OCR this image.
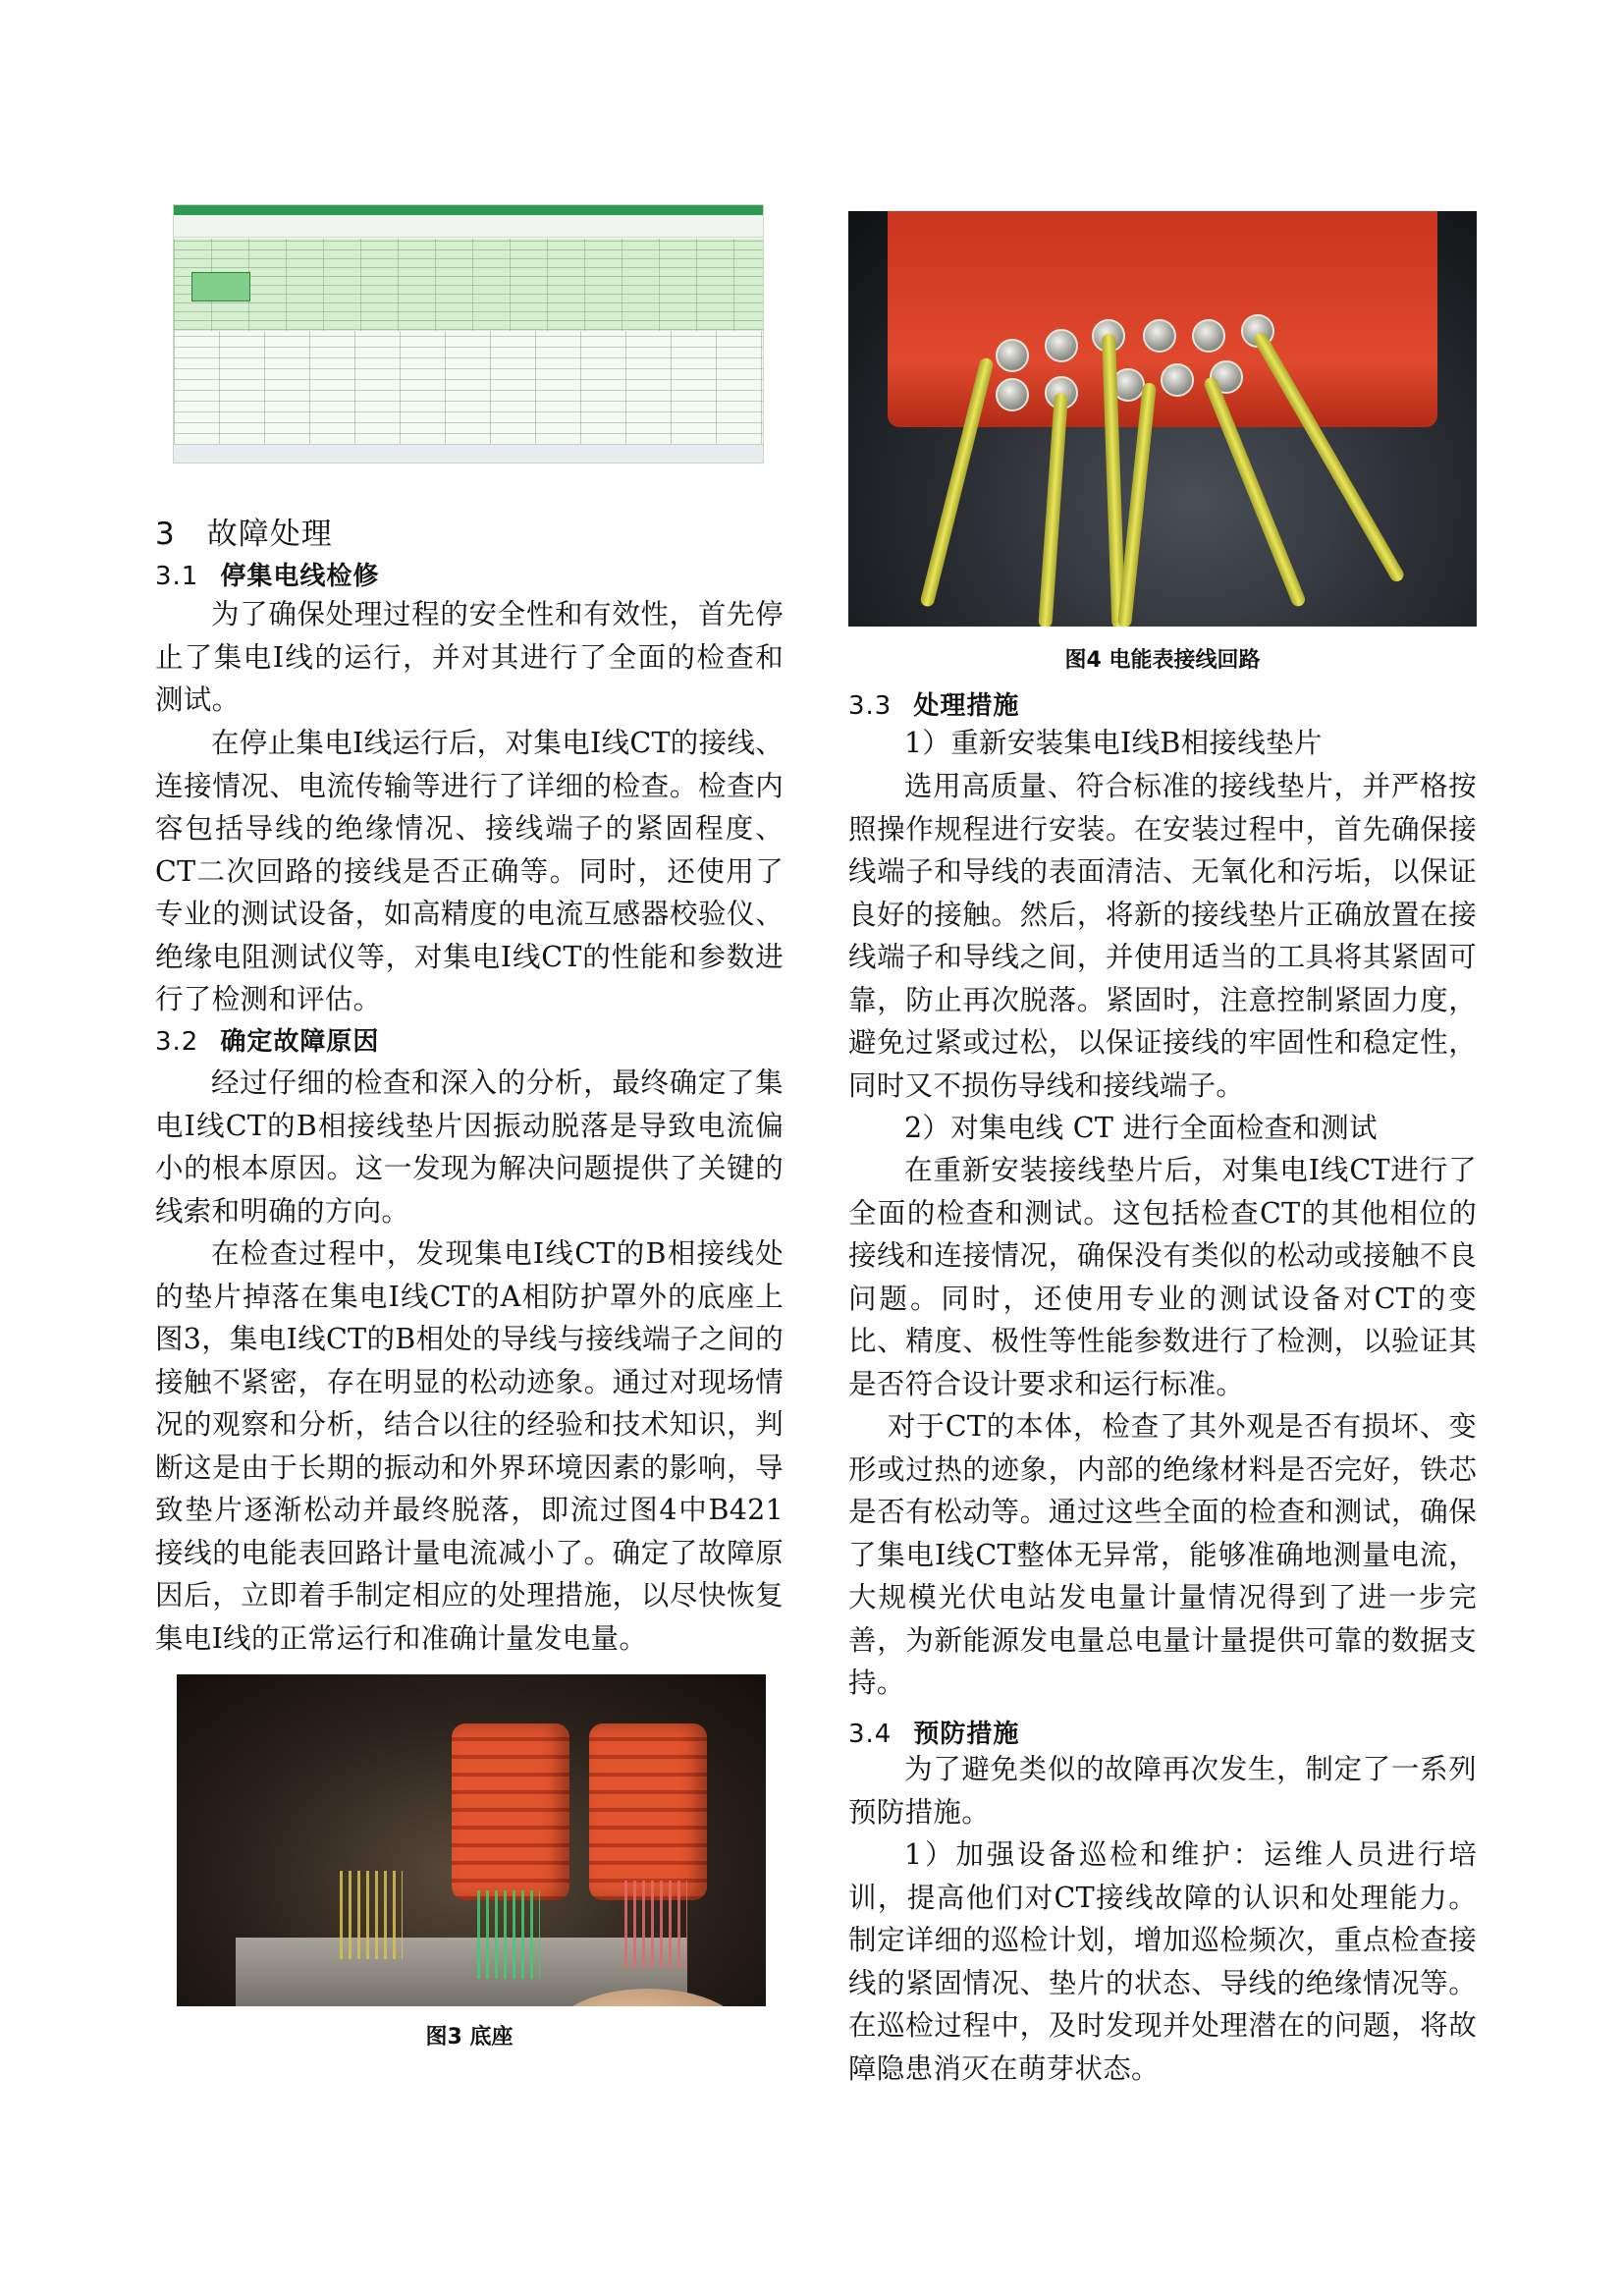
3　故障处理
3.1 停集电线检修
为了确保处理过程的安全性和有效性，首先停止了集电Ⅰ线的运行，并对其进行了全面的检查和测试。
在停止集电Ⅰ线运行后，对集电Ⅰ线CT的接线、连接情况、电流传输等进行了详细的检查。检查内容包括导线的绝缘情况、接线端子的紧固程度、CT二次回路的接线是否正确等。同时，还使用了专业的测试设备，如高精度的电流互感器校验仪、绝缘电阻测试仪等，对集电Ⅰ线CT的性能和参数进行了检测和评估。
3.2 确定故障原因
经过仔细的检查和深入的分析，最终确定了集电Ⅰ线CT的B相接线垫片因振动脱落是导致电流偏小的根本原因。这一发现为解决问题提供了关键的线索和明确的方向。
在检查过程中，发现集电Ⅰ线CT的B相接线处的垫片掉落在集电Ⅰ线CT的A相防护罩外的底座上图3，集电Ⅰ线CT的B相处的导线与接线端子之间的接触不紧密，存在明显的松动迹象。通过对现场情况的观察和分析，结合以往的经验和技术知识，判断这是由于长期的振动和外界环境因素的影响，导致垫片逐渐松动并最终脱落，即流过图4中B421接线的电能表回路计量电流减小了。确定了故障原因后，立即着手制定相应的处理措施，以尽快恢复集电Ⅰ线的正常运行和准确计量发电量。
图3 底座
图4 电能表接线回路
3.3 处理措施
1）重新安装集电Ⅰ线B相接线垫片
选用高质量、符合标准的接线垫片，并严格按照操作规程进行安装。在安装过程中，首先确保接线端子和导线的表面清洁、无氧化和污垢，以保证良好的接触。然后，将新的接线垫片正确放置在接线端子和导线之间，并使用适当的工具将其紧固可靠，防止再次脱落。紧固时，注意控制紧固力度，避免过紧或过松，以保证接线的牢固性和稳定性，同时又不损伤导线和接线端子。
2）对集电线 CT 进行全面检查和测试
在重新安装接线垫片后，对集电Ⅰ线CT进行了全面的检查和测试。这包括检查CT的其他相位的接线和连接情况，确保没有类似的松动或接触不良问题。同时，还使用专业的测试设备对CT的变比、精度、极性等性能参数进行了检测，以验证其是否符合设计要求和运行标准。
对于CT的本体，检查了其外观是否有损坏、变形或过热的迹象，内部的绝缘材料是否完好，铁芯是否有松动等。通过这些全面的检查和测试，确保了集电Ⅰ线CT整体无异常，能够准确地测量电流，大规模光伏电站发电量计量情况得到了进一步完善，为新能源发电量总电量计量提供可靠的数据支持。
3.4 预防措施
为了避免类似的故障再次发生，制定了一系列预防措施。
1）加强设备巡检和维护：运维人员进行培训，提高他们对CT接线故障的认识和处理能力。制定详细的巡检计划，增加巡检频次，重点检查接线的紧固情况、垫片的状态、导线的绝缘情况等。在巡检过程中，及时发现并处理潜在的问题，将故障隐患消灭在萌芽状态。
